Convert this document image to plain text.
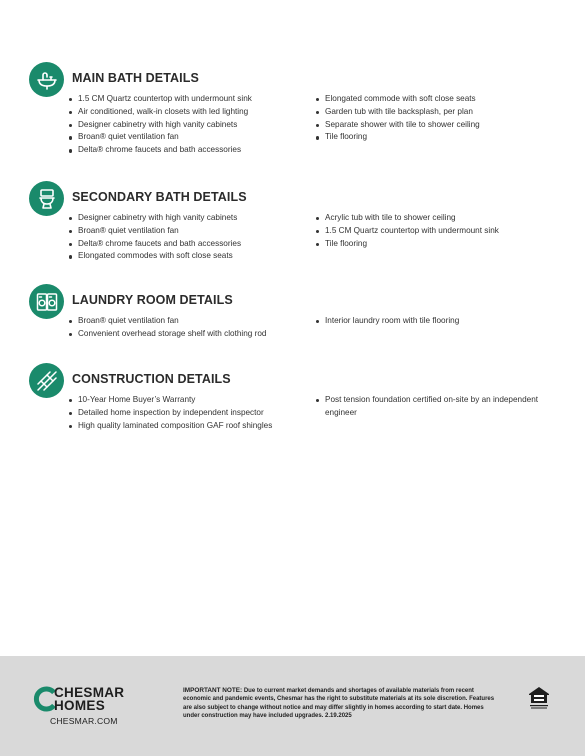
MAIN BATH DETAILS
1.5 CM Quartz countertop with undermount sink
Air conditioned, walk-in closets with led lighting
Designer cabinetry with high vanity cabinets
Broan® quiet ventilation fan
Delta® chrome faucets and bath accessories
Elongated commode with soft close seats
Garden tub with tile backsplash, per plan
Separate shower with tile to shower ceiling
Tile flooring
SECONDARY BATH DETAILS
Designer cabinetry with high vanity cabinets
Broan® quiet ventilation fan
Delta® chrome faucets and bath accessories
Elongated commodes with soft close seats
Acrylic tub with tile to shower ceiling
1.5 CM Quartz countertop with undermount sink
Tile flooring
LAUNDRY ROOM DETAILS
Broan® quiet ventilation fan
Convenient overhead storage shelf with clothing rod
Interior laundry room with tile flooring
CONSTRUCTION DETAILS
10-Year Home Buyer’s Warranty
Detailed home inspection by independent inspector
High quality laminated composition GAF roof shingles
Post tension foundation certified on-site by an independent engineer
CHESMAR
HOMES
CHESMAR.COM
IMPORTANT NOTE: Due to current market demands and shortages of available materials from recent economic and pandemic events, Chesmar has the right to substitute materials at its sole discretion. Features are also subject to change without notice and may differ slightly in homes according to start date. Homes under construction may have included upgrades. 2.19.2025
